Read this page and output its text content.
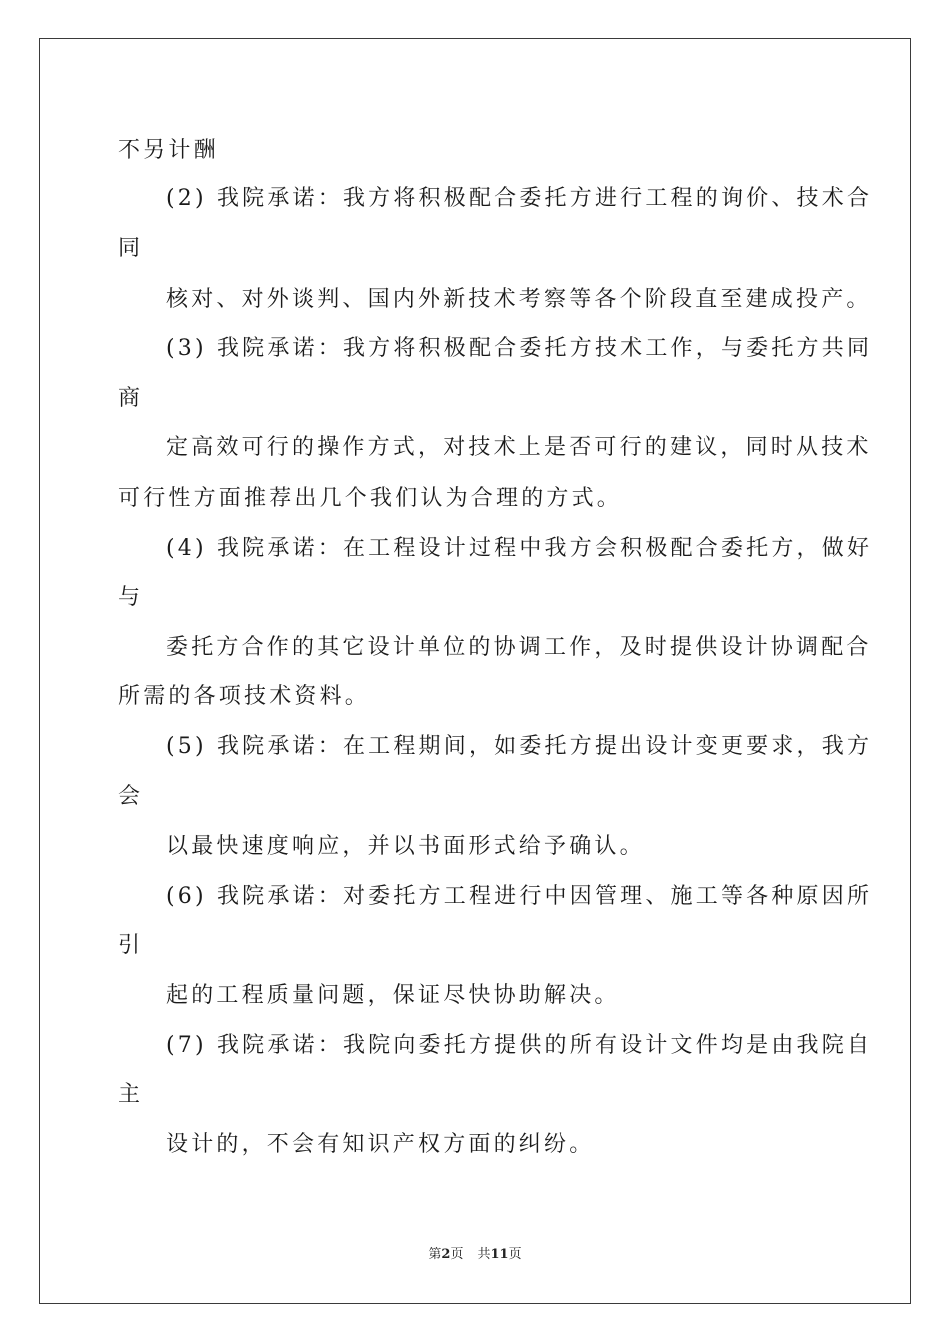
不另计酬
(2) 我院承诺：我方将积极配合委托方进行工程的询价、技术合
同
核对、对外谈判、国内外新技术考察等各个阶段直至建成投产。
(3) 我院承诺：我方将积极配合委托方技术工作，与委托方共同
商
定高效可行的操作方式，对技术上是否可行的建议，同时从技术
可行性方面推荐出几个我们认为合理的方式。
(4) 我院承诺：在工程设计过程中我方会积极配合委托方，做好
与
委托方合作的其它设计单位的协调工作，及时提供设计协调配合
所需的各项技术资料。
(5) 我院承诺：在工程期间，如委托方提出设计变更要求，我方
会
以最快速度响应，并以书面形式给予确认。
(6) 我院承诺：对委托方工程进行中因管理、施工等各种原因所
引
起的工程质量问题，保证尽快协助解决。
(7) 我院承诺：我院向委托方提供的所有设计文件均是由我院自
主
设计的，不会有知识产权方面的纠纷。
第2页 共11页
